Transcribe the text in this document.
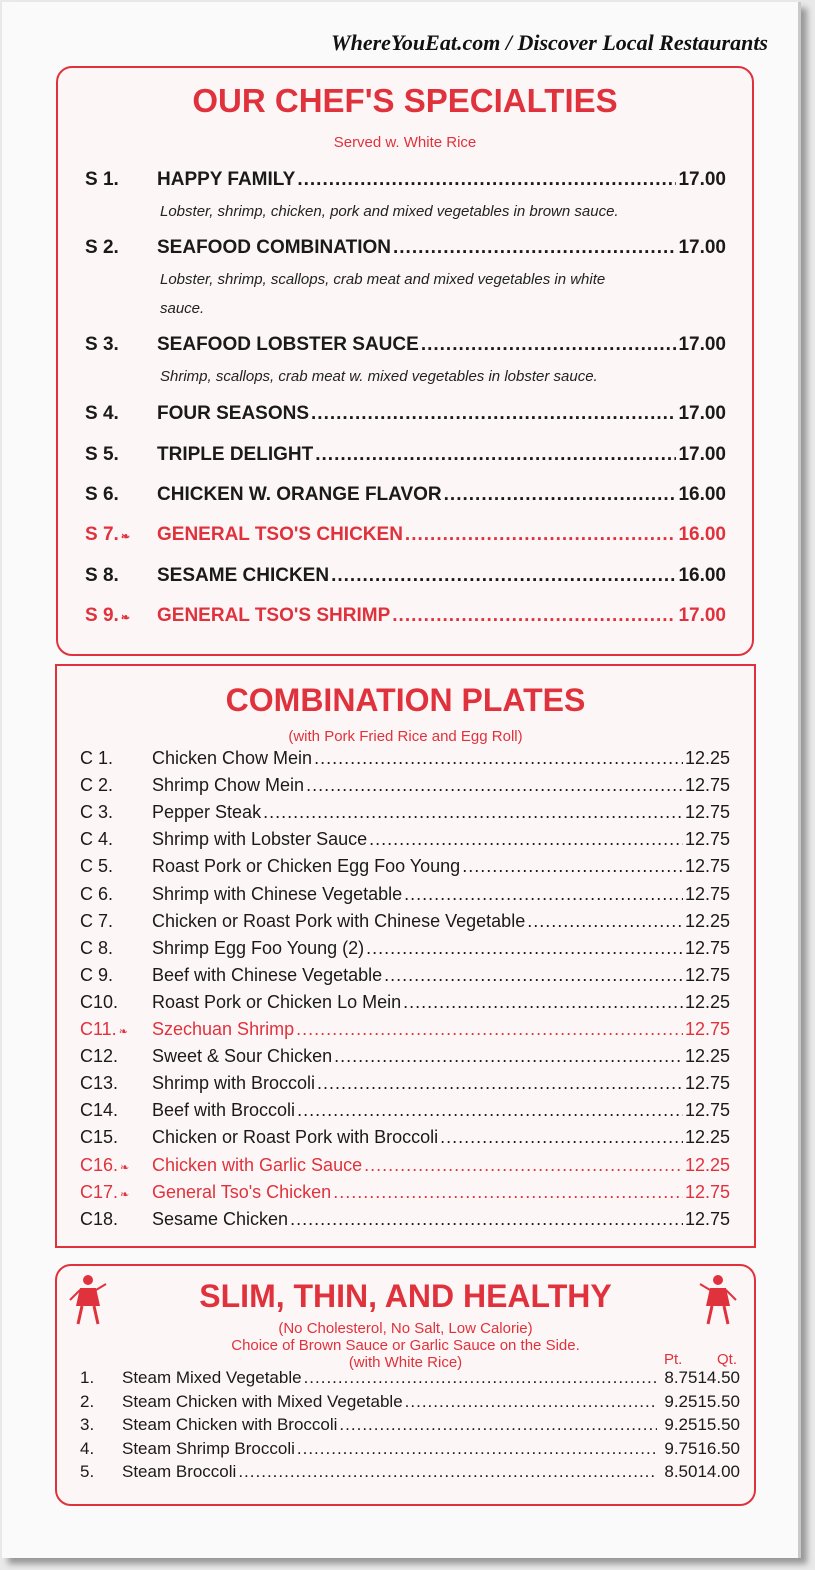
WhereYouEat.com / Discover Local Restaurants
OUR CHEF'S SPECIALTIES
Served w. White Rice
S 1.	HAPPY FAMILY .....	17.00
Lobster, shrimp, chicken, pork and mixed vegetables in brown sauce.
S 2.	SEAFOOD COMBINATION .....	17.00
Lobster, shrimp, scallops, crab meat and mixed vegetables in white
sauce.
S 3.	SEAFOOD LOBSTER SAUCE .....	17.00
Shrimp, scallops, crab meat w. mixed vegetables in lobster sauce.
S 4.	FOUR SEASONS .....	17.00
S 5.	TRIPLE DELIGHT .....	17.00
S 6.	CHICKEN W. ORANGE FLAVOR .....	16.00
S 7. ❧	GENERAL TSO'S CHICKEN .....	16.00
S 8.	SESAME CHICKEN .....	16.00
S 9. ❧	GENERAL TSO'S SHRIMP .....	17.00
COMBINATION PLATES
(with Pork Fried Rice and Egg Roll)
C 1.	Chicken Chow Mein .....	12.25
C 2.	Shrimp Chow Mein .....	12.75
C 3.	Pepper Steak .....	12.75
C 4.	Shrimp with Lobster Sauce .....	12.75
C 5.	Roast Pork or Chicken Egg Foo Young .....	12.75
C 6.	Shrimp with Chinese Vegetable .....	12.75
C 7.	Chicken or Roast Pork with Chinese Vegetable .....	12.25
C 8.	Shrimp Egg Foo Young (2) .....	12.75
C 9.	Beef with Chinese Vegetable .....	12.75
C10.	Roast Pork or Chicken Lo Mein .....	12.25
C11. ❧	Szechuan Shrimp .....	12.75
C12.	Sweet & Sour Chicken .....	12.25
C13.	Shrimp with Broccoli .....	12.75
C14.	Beef with Broccoli .....	12.75
C15.	Chicken or Roast Pork with Broccoli .....	12.25
C16. ❧	Chicken with Garlic Sauce .....	12.25
C17. ❧	General Tso's Chicken .....	12.75
C18.	Sesame Chicken .....	12.75
SLIM, THIN, AND HEALTHY
(No Cholesterol, No Salt, Low Calorie)
Choice of Brown Sauce or Garlic Sauce on the Side.
(with White Rice)	Pt. Qt.
1.	Steam Mixed Vegetable .....	8.75 14.50
2.	Steam Chicken with Mixed Vegetable .....	9.25 15.50
3.	Steam Chicken with Broccoli .....	9.25 15.50
4.	Steam Shrimp Broccoli .....	9.75 16.50
5.	Steam Broccoli .....	8.50 14.00
